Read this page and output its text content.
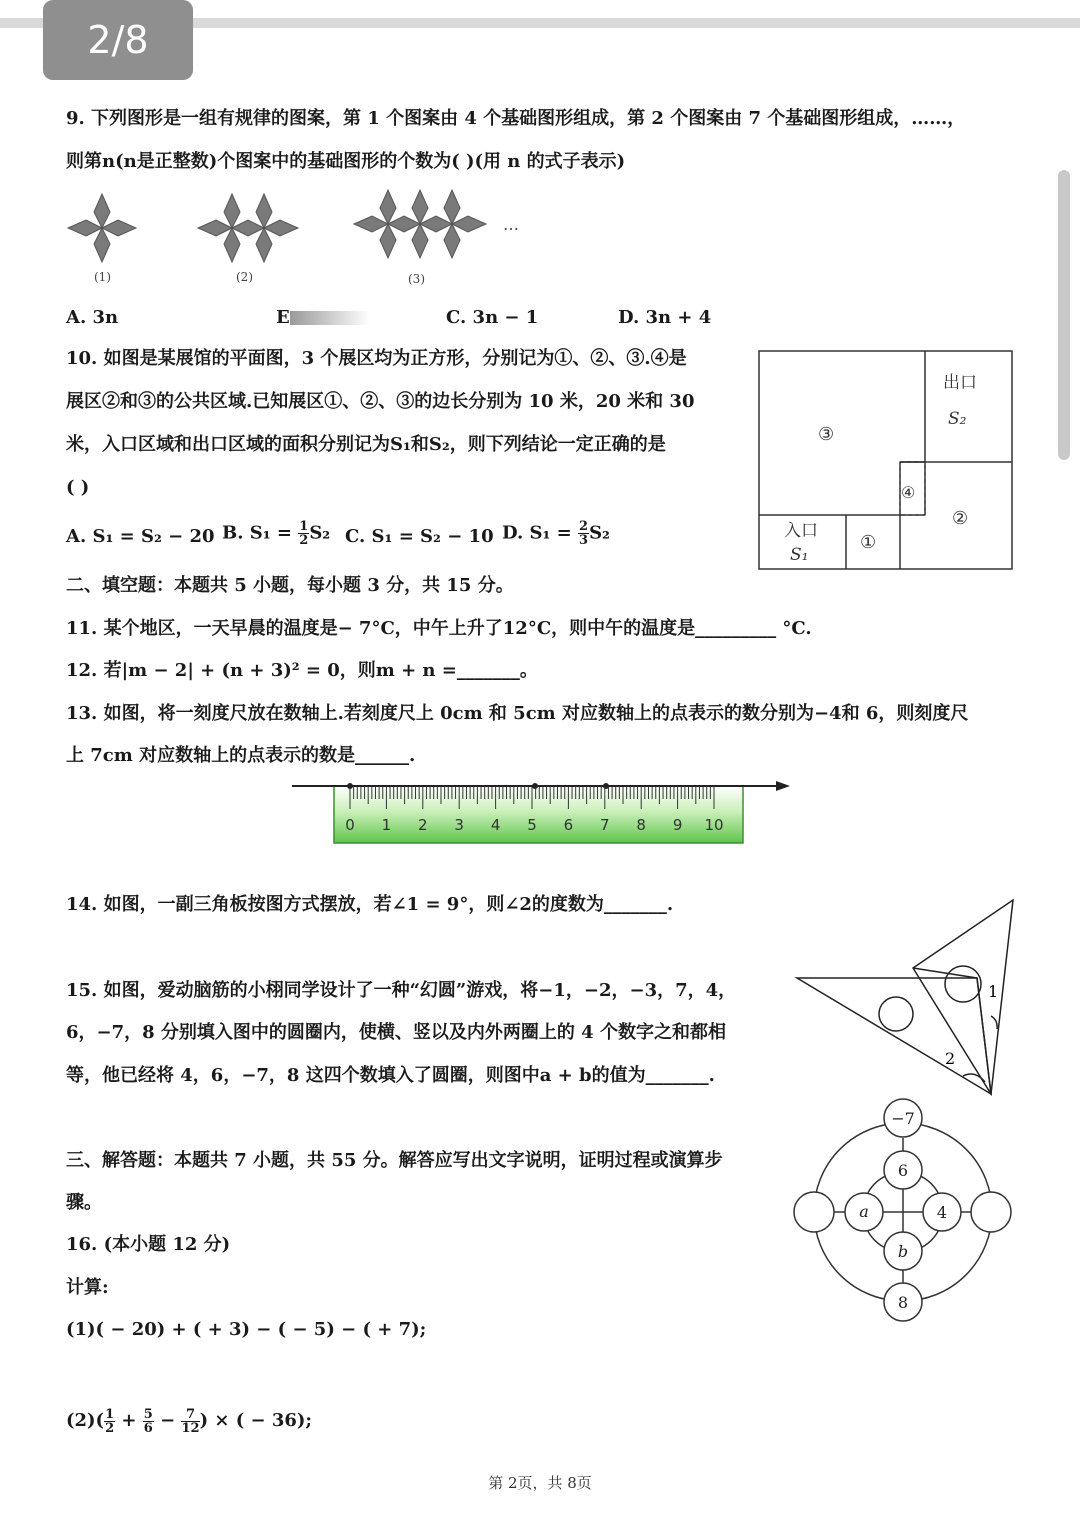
2/8
9. 下列图形是一组有规律的图案，第 1 个图案由 4 个基础图形组成，第 2 个图案由 7 个基础图形组成，……，
则第n(n是正整数)个图案中的基础图形的个数为( )(用 n 的式子表示)
(1)	(2)
…
(3)
A. 3n	E	C. 3n − 1	D. 3n + 4
10. 如图是某展馆的平面图，3 个展区均为正方形，分别记为①、②、③.④是
展区②和③的公共区域.已知展区①、②、③的边长分别为 10 米，20 米和 30
米，入口区域和出口区域的面积分别记为S₁和S₂，则下列结论一定正确的是
( )
A. S₁ = S₂ − 20 B. $S_1 = \frac{1}{2} S_2$ C. S₁ = S₂ − 10 D. $S_1 = \frac{2}{3} S_2$
出口
S₂
③
②
④
①
入口
S₁
二、填空题：本题共 5 小题，每小题 3 分，共 15 分。
11. 某个地区，一天早晨的温度是− 7°C，中午上升了12°C，则中午的温度是_________ °C.
12. 若|m − 2| + (n + 3)² = 0，则m + n =_______。
13. 如图，将一刻度尺放在数轴上.若刻度尺上 0cm 和 5cm 对应数轴上的点表示的数分别为−4和 6，则刻度尺
上 7cm 对应数轴上的点表示的数是______.
0 1 2 3 4 5 6 7 8 9 10
14. 如图，一副三角板按图方式摆放，若∠1 = 9°，则∠2的度数为_______.
1
2
15. 如图，爱动脑筋的小栩同学设计了一种“幻圆”游戏，将−1，−2，−3，7，4，
6，−7，8 分别填入图中的圆圈内，使横、竖以及内外两圈上的 4 个数字之和都相
等，他已经将 4，6，−7，8 这四个数填入了圆圈，则图中a + b的值为_______.
−7
6
a	4
b
8
三、解答题：本题共 7 小题，共 55 分。解答应写出文字说明，证明过程或演算步
骤。
16. (本小题 12 分)
计算:
(1)( − 20) + ( + 3) − ( − 5) − ( + 7);
$(2)( \frac{1}{2} + \frac{5}{6} - \frac{7}{12}$ ) × ( − 36);
第 2页，共 8页
